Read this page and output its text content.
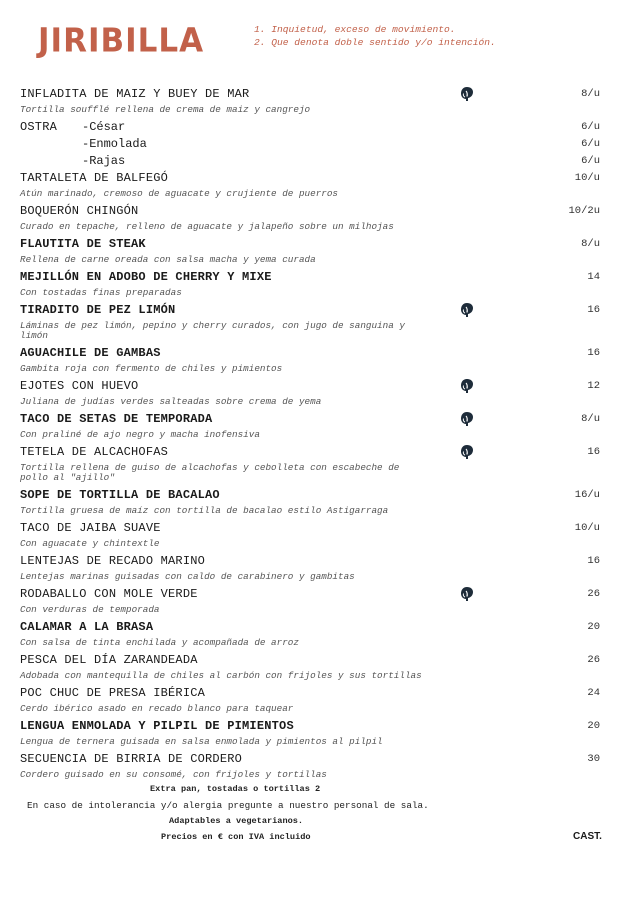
JIRIBILLA	1. Inquietud, exceso de movimiento.
2. Que denota doble sentido y/o intención.
INFLADITA DE MAIZ Y BUEY DE MAR	8/u
Tortilla soufflé rellena de crema de maiz y cangrejo
OSTRA -César	6/u
-Enmolada	6/u
-Rajas	6/u
TARTALETA DE BALFEGÓ	10/u
Atún marinado, cremoso de aguacate y crujiente de puerros
BOQUERÓN CHINGÓN	10/2u
Curado en tepache, relleno de aguacate y jalapeño sobre un milhojas
FLAUTITA DE STEAK	8/u
Rellena de carne oreada con salsa macha y yema curada
MEJILLÓN EN ADOBO DE CHERRY Y MIXE	14
Con tostadas finas preparadas
TIRADITO DE PEZ LIMÓN	16
Láminas de pez limón, pepino y cherry curados, con jugo de sanguina y limón
AGUACHILE DE GAMBAS	16
Gambita roja con fermento de chiles y pimientos
EJOTES CON HUEVO	12
Juliana de judías verdes salteadas sobre crema de yema
TACO DE SETAS DE TEMPORADA	8/u
Con praliné de ajo negro y macha inofensiva
TETELA DE ALCACHOFAS	16
Tortilla rellena de guiso de alcachofas y cebolleta con escabeche de pollo al "ajillo"
SOPE DE TORTILLA DE BACALAO	16/u
Tortilla gruesa de maíz con tortilla de bacalao estilo Astigarraga
TACO DE JAIBA SUAVE	10/u
Con aguacate y chintextle
LENTEJAS DE RECADO MARINO	16
Lentejas marinas guisadas con caldo de carabinero y gambitas
RODABALLO CON MOLE VERDE	26
Con verduras de temporada
CALAMAR A LA BRASA	20
Con salsa de tinta enchilada y acompañada de arroz
PESCA DEL DÍA ZARANDEADA	26
Adobada con mantequilla de chiles al carbón con frijoles y sus tortillas
POC CHUC DE PRESA IBÉRICA	24
Cerdo ibérico asado en recado blanco para taquear
LENGUA ENMOLADA Y PILPIL DE PIMIENTOS	20
Lengua de ternera guisada en salsa enmolada y pimientos al pilpil
SECUENCIA DE BIRRIA DE CORDERO	30
Cordero guisado en su consomé, con frijoles y tortillas
Extra pan, tostadas o tortillas 2
En caso de intolerancia y/o alergia pregunte a nuestro personal de sala.
Adaptables a vegetarianos.
Precios en € con IVA incluido	CAST.
